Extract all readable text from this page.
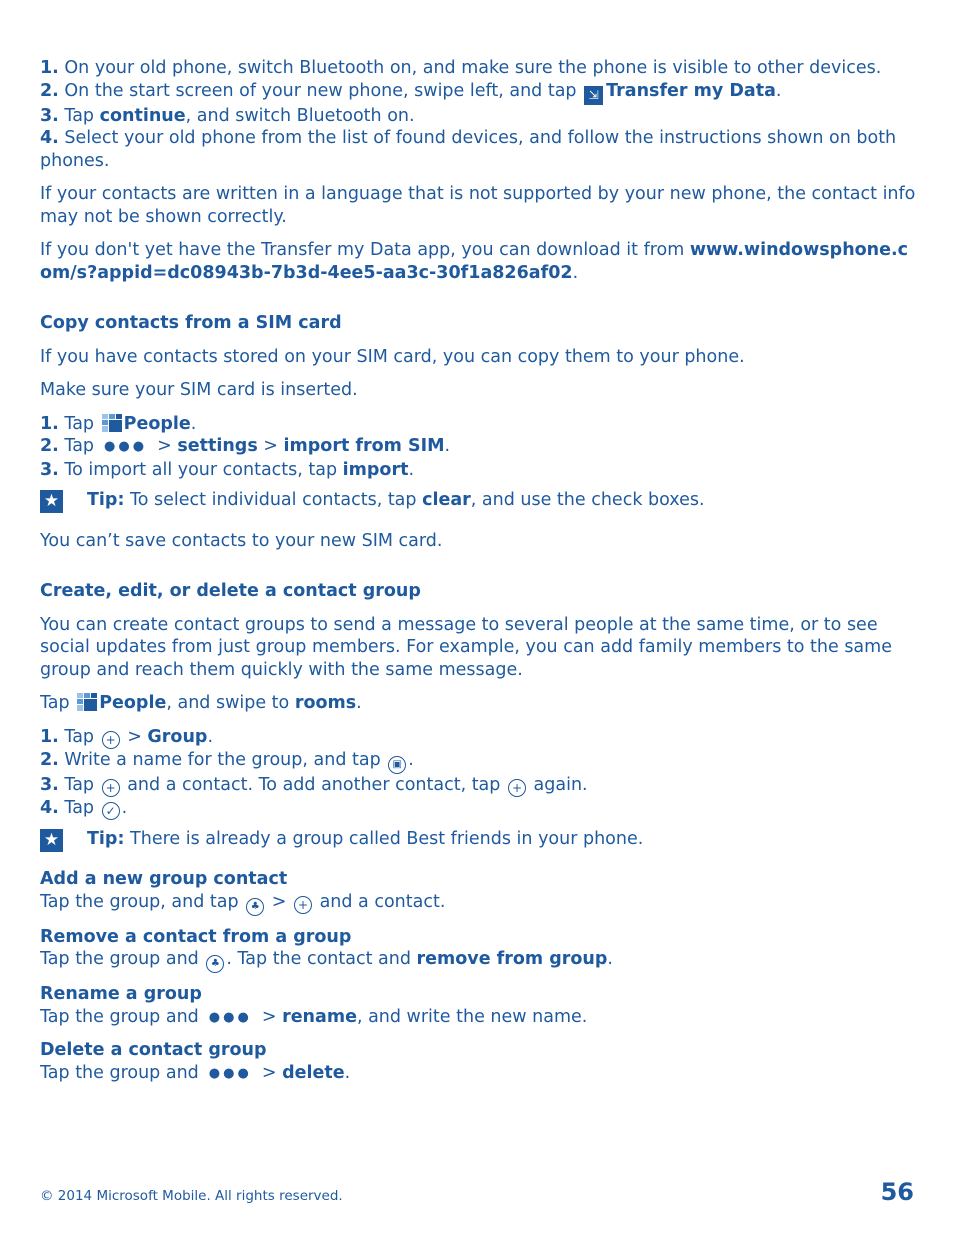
1. On your old phone, switch Bluetooth on, and make sure the phone is visible to other devices.

2. On the start screen of your new phone, swipe left, and tap ⇲ Transfer my Data.

3. Tap continue, and switch Bluetooth on.

4. Select your old phone from the list of found devices, and follow the instructions shown on both phones.

If your contacts are written in a language that is not supported by your new phone, the contact info may not be shown correctly.

If you don't yet have the Transfer my Data app, you can download it from www.windowsphone.com/s?appid=dc08943b-7b3d-4ee5-aa3c-30f1a826af02.

Copy contacts from a SIM card

If you have contacts stored on your SIM card, you can copy them to your phone.

Make sure your SIM card is inserted.

1. Tap People.

2. Tap ●●● > settings > import from SIM.

3. To import all your contacts, tap import.

★ Tip: To select individual contacts, tap clear, and use the check boxes.

You can’t save contacts to your new SIM card.

Create, edit, or delete a contact group

You can create contact groups to send a message to several people at the same time, or to see social updates from just group members. For example, you can add family members to the same group and reach them quickly with the same message.

Tap People, and swipe to rooms.

1. Tap + > Group.

2. Write a name for the group, and tap ▣ .

3. Tap + and a contact. To add another contact, tap + again.

4. Tap ✓ .

★ Tip: There is already a group called Best friends in your phone.

Add a new group contact

Tap the group, and tap ♣ > + and a contact.

Remove a contact from a group

Tap the group and ♣ . Tap the contact and remove from group.

Rename a group

Tap the group and ●●● > rename, and write the new name.

Delete a contact group

Tap the group and ●●● > delete.

© 2014 Microsoft Mobile. All rights reserved.	56
